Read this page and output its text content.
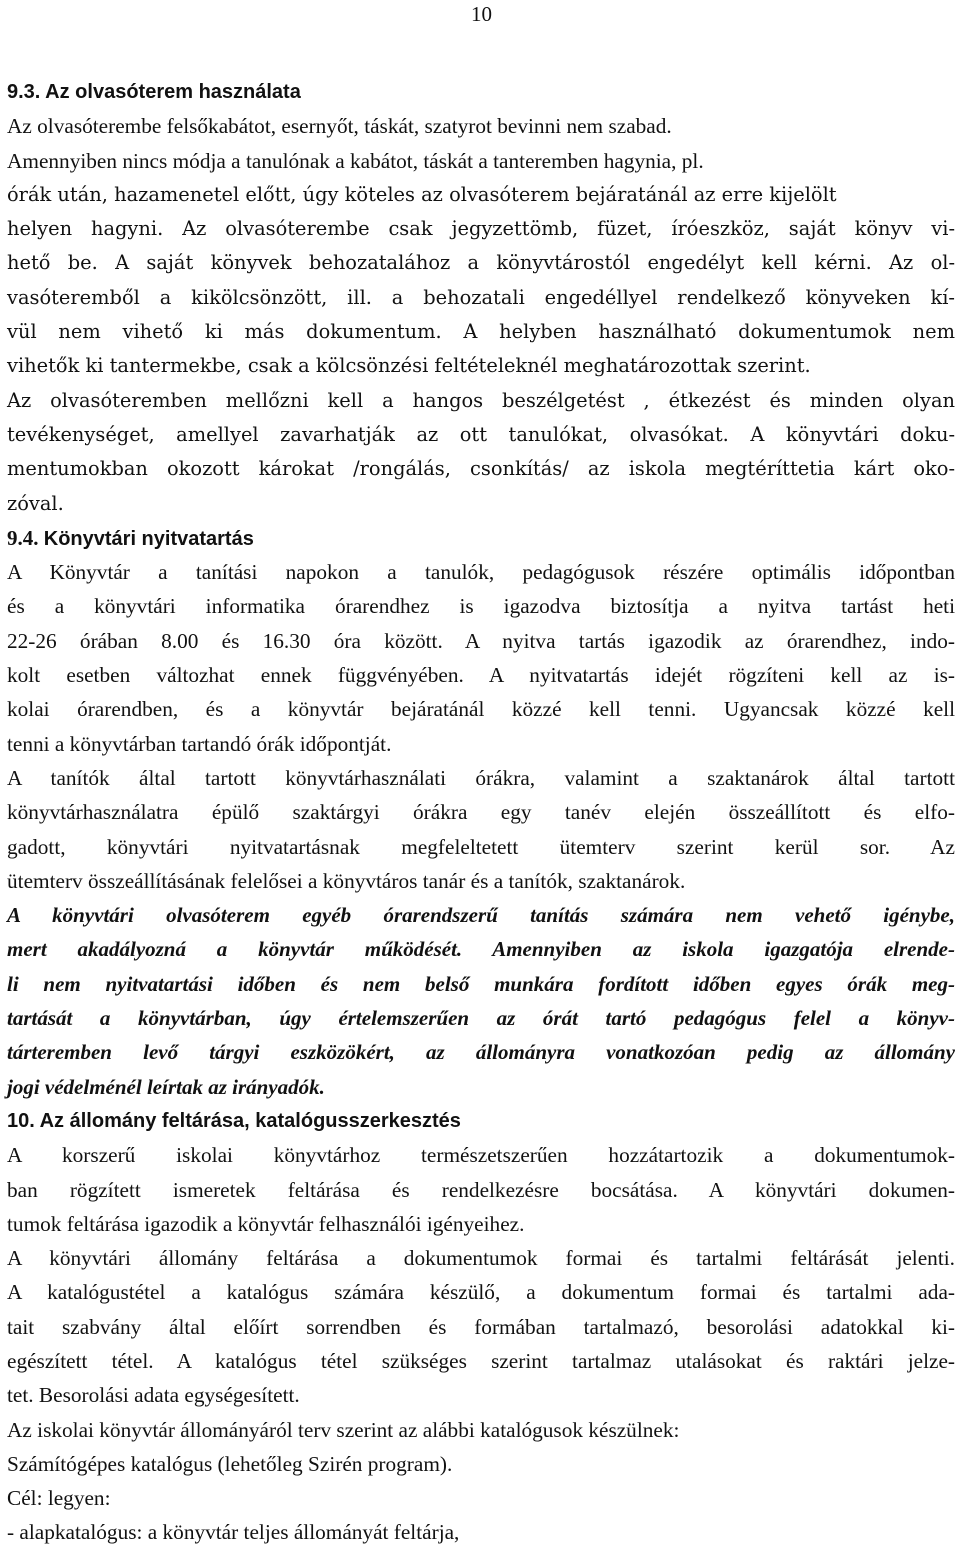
10
9.3. Az olvasóterem használata
Az olvasóterembe felsőkabátot, esernyőt, táskát, szatyrot bevinni nem szabad.
Amennyiben nincs módja a tanulónak a kabátot, táskát a tanteremben hagynia, pl.
órák után, hazamenetel előtt, úgy köteles az olvasóterem bejáratánál az erre kijelölt
helyen hagyni. Az olvasóterembe csak jegyzettömb, füzet, íróeszköz, saját könyv vi-
hető be. A saját könyvek behozatalához a könyvtárostól engedélyt kell kérni. Az ol-
vasóteremből a kikölcsönzött, ill. a behozatali engedéllyel rendelkező könyveken kí-
vül nem vihető ki más dokumentum. A helyben használható dokumentumok nem
vihetők ki tantermekbe, csak a kölcsönzési feltételeknél meghatározottak szerint.
Az olvasóteremben mellőzni kell a hangos beszélgetést , étkezést és minden olyan
tevékenységet, amellyel zavarhatják az ott tanulókat, olvasókat. A könyvtári doku-
mentumokban okozott károkat /rongálás, csonkítás/ az iskola megtéríttetiа kárt oko-
zóval.
9.4. Könyvtári nyitvatartás
A Könyvtár a tanítási napokon a tanulók, pedagógusok részére optimális időpontban
és a könyvtári informatika órarendhez is igazodva biztosítja a nyitva tartást heti
22-26 órában 8.00 és 16.30 óra között. A nyitva tartás igazodik az órarendhez, indo-
kolt esetben változhat ennek függvényében. A nyitvatartás idejét rögzíteni kell az is-
kolai órarendben, és a könyvtár bejáratánál közzé kell tenni. Ugyancsak közzé kell
tenni a könyvtárban tartandó órák időpontját.
A tanítók által tartott könyvtárhasználati órákra, valamint a szaktanárok által tartott
könyvtárhasználatra épülő szaktárgyi órákra egy tanév elején összeállított és elfo-
gadott, könyvtári nyitvatartásnak megfeleltetett ütemterv szerint kerül sor. Az
ütemterv összeállításának felelősei a könyvtáros tanár és a tanítók, szaktanárok.
A könyvtári olvasóterem egyéb órarendszerű tanítás számára nem vehető igénybe,
mert akadályozná a könyvtár működését. Amennyiben az iskola igazgatója elrende-
li nem nyitvatartási időben és nem belső munkára fordított időben egyes órák meg-
tartását a könyvtárban, úgy értelemszerűen az órát tartó pedagógus felel a könyv-
tárteremben levő tárgyi eszközökért, az állományra vonatkozóan pedig az állomány
jogi védelménél leírtak az irányadók.
10. Az állomány feltárása, katalógusszerkesztés
A korszerű iskolai könyvtárhoz természetszerűen hozzátartozik a dokumentumok-
ban rögzített ismeretek feltárása és rendelkezésre bocsátása. A könyvtári dokumen-
tumok feltárása igazodik a könyvtár felhasználói igényeihez.
A könyvtári állomány feltárása a dokumentumok formai és tartalmi feltárását jelenti.
A katalógustétel a katalógus számára készülő, a dokumentum formai és tartalmi ada-
tait szabvány által előírt sorrendben és formában tartalmazó, besorolási adatokkal ki-
egészített tétel. A katalógus tétel szükséges szerint tartalmaz utalásokat és raktári jelze-
tet. Besorolási adata egységesített.
Az iskolai könyvtár állományáról terv szerint az alábbi katalógusok készülnek:
Számítógépes katalógus (lehetőleg Szirén program).
Cél: legyen:
- alapkatalógus: a könyvtár teljes állományát feltárja,
